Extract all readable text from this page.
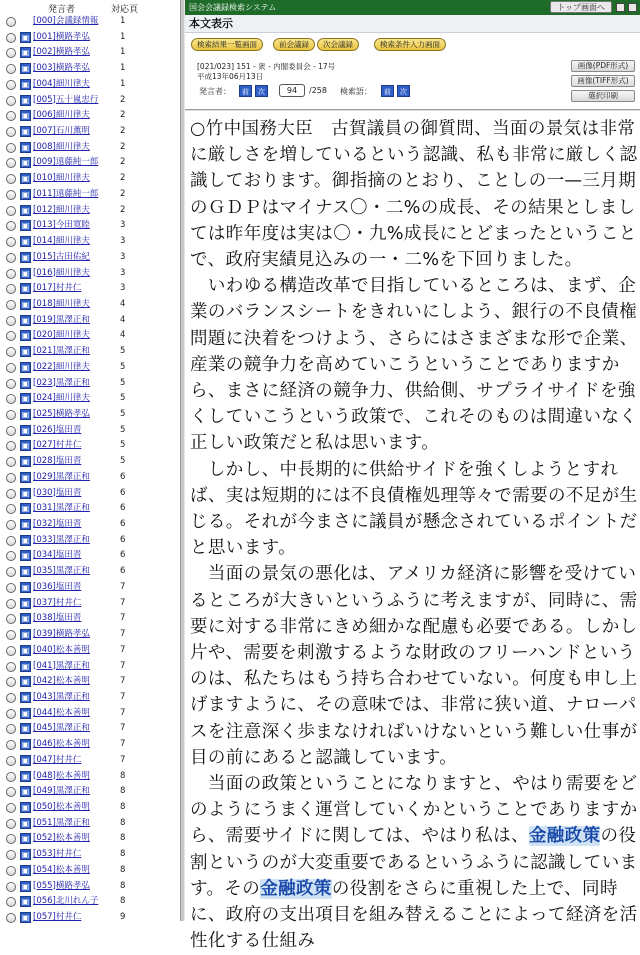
発言者	対応頁
[000]会議録情報	1
▣ [001]横路孝弘	1
▣ [002]横路孝弘	1
▣ [003]横路孝弘	1
▣ [004]細川律夫	1
▣ [005]五十嵐忠行	2
▣ [006]細川律夫	2
▣ [007]石川薫明	2
▣ [008]細川律夫	2
▣ [009]遠藤純一郎	2
▣ [010]細川律夫	2
▣ [011]遠藤純一郎	2
▣ [012]細川律夫	2
▣ [013]今田寛睦	3
▣ [014]細川律夫	3
▣ [015]古田佑紀	3
▣ [016]細川律夫	3
▣ [017]村井仁	3
▣ [018]細川律夫	4
▣ [019]黒澤正和	4
▣ [020]細川律夫	4
▣ [021]黒澤正和	5
▣ [022]細川律夫	5
▣ [023]黒澤正和	5
▣ [024]細川律夫	5
▣ [025]横路孝弘	5
▣ [026]塩田晋	5
▣ [027]村井仁	5
▣ [028]塩田晋	5
▣ [029]黒澤正和	6
▣ [030]塩田晋	6
▣ [031]黒澤正和	6
▣ [032]塩田晋	6
▣ [033]黒澤正和	6
▣ [034]塩田晋	6
▣ [035]黒澤正和	6
▣ [036]塩田晋	7
▣ [037]村井仁	7
▣ [038]塩田晋	7
▣ [039]横路孝弘	7
▣ [040]松本善明	7
▣ [041]黒澤正和	7
▣ [042]松本善明	7
▣ [043]黒澤正和	7
▣ [044]松本善明	7
▣ [045]黒澤正和	7
▣ [046]松本善明	7
▣ [047]村井仁	7
▣ [048]松本善明	8
▣ [049]黒澤正和	8
▣ [050]松本善明	8
▣ [051]黒澤正和	8
▣ [052]松本善明	8
▣ [053]村井仁	8
▣ [054]松本善明	8
▣ [055]横路孝弘	8
▣ [056]北川れん子	8
▣ [057]村井仁	9
国会会議録検索システム	トップ画面へ
本文表示
検索結果一覧画面	前会議録	次会議録	検索条件入力画面
[021/023] 151 - 衆 - 内閣委員会 - 17号
平成13年06月13日
発言者：	前	次	94	/258 検索語：	前	次
画像(PDF形式)
画像(TIFF形式)
選択印刷

○竹中国務大臣　古賀議員の御質問、当面の景気は非常に厳しさを増しているという認識、私も非常に厳しく認識しております。御指摘のとおり、ことしの一—三月期のＧＤＰはマイナス〇・二%の成長、その結果としましては昨年度は実は〇・九%成長にとどまったということで、政府実績見込みの一・二%を下回りました。

　いわゆる構造改革で目指しているところは、まず、企業のバランスシートをきれいにしよう、銀行の不良債権問題に決着をつけよう、さらにはさまざまな形で企業、産業の競争力を高めていこうということでありますから、まさに経済の競争力、供給側、サプライサイドを強くしていこうという政策で、これそのものは間違いなく正しい政策だと私は思います。

　しかし、中長期的に供給サイドを強くしようとすれば、実は短期的には不良債権処理等々で需要の不足が生じる。それが今まさに議員が懸念されているポイントだと思います。

　当面の景気の悪化は、アメリカ経済に影響を受けているところが大きいというふうに考えますが、同時に、需要に対する非常にきめ細かな配慮も必要である。しかし片や、需要を刺激するような財政のフリーハンドというのは、私たちはもう持ち合わせていない。何度も申し上げますように、その意味では、非常に狭い道、ナローパスを注意深く歩まなければいけないという難しい仕事が目の前にあると認識しています。

　当面の政策ということになりますと、やはり需要をどのようにうまく運営していくかということでありますから、需要サイドに関しては、やはり私は、金融政策の役割というのが大変重要であるというふうに認識しています。その金融政策の役割をさらに重視した上で、同時に、政府の支出項目を組み替えることによって経済を活性化する仕組み
